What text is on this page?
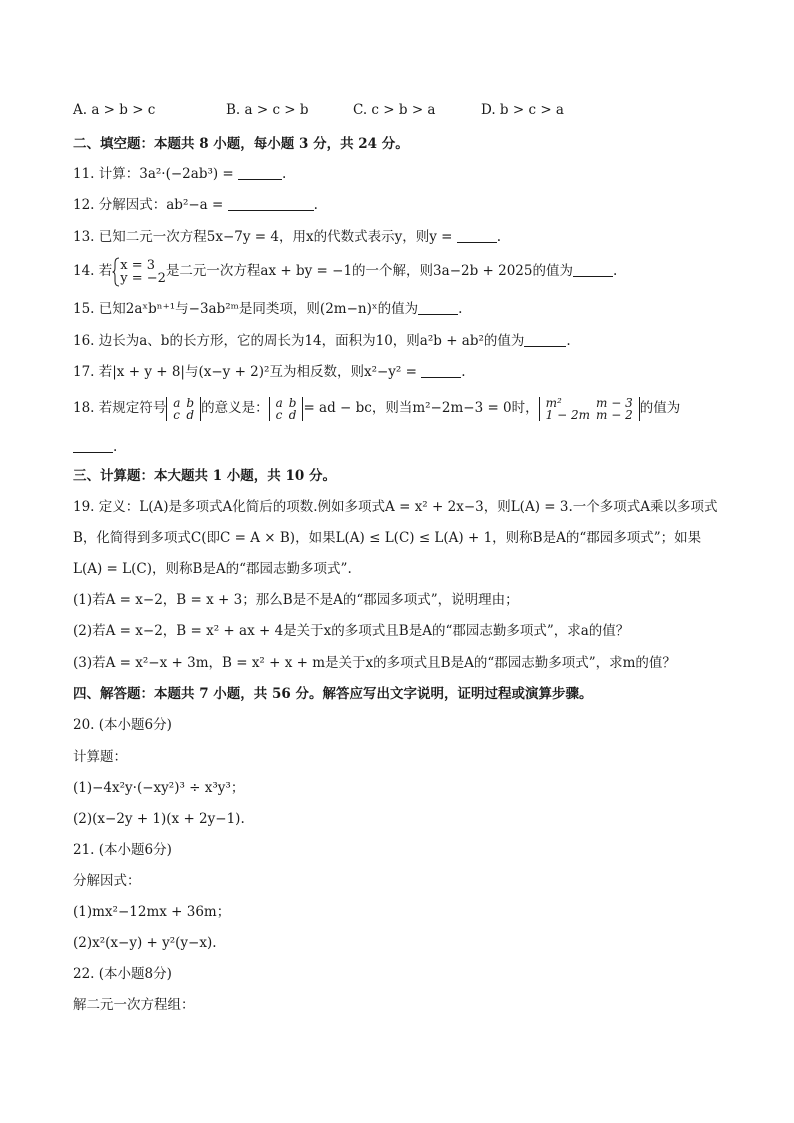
A. a > b > c	B. a > c > b	C. c > b > a	D. b > c > a
二、填空题：本题共 8 小题，每小题 3 分，共 24 分。
11. 计算：3a²·(−2ab³) =	.
12. 分解因式：ab²−a =	.
13. 已知二元一次方程5x−7y = 4，用x的代数式表示y，则y =	.
14. 若 x = 3
y = −2 是二元一次方程ax + by = −1的一个解，则3a−2b + 2025的值为	.
15. 已知2aˣbⁿ⁺¹与−3ab²ᵐ是同类项，则(2m−n)ˣ的值为	.
16. 边长为a、b的长方形，它的周长为14，面积为10，则a²b + ab²的值为	.
17. 若|x + y + 8|与(x−y + 2)²互为相反数，则x²−y² =	.
18. 若规定符号 a	b
c	d 的意义是： a	b
c	d = ad − bc，则当m²−2m−3 = 0时， m²	m − 3
1 − 2m	m − 2 的值为
.
三、计算题：本大题共 1 小题，共 10 分。
19. 定义：L(A)是多项式A化简后的项数.例如多项式A = x² + 2x−3，则L(A) = 3.一个多项式A乘以多项式
B，化简得到多项式C(即C = A × B)，如果L(A) ≤ L(C) ≤ L(A) + 1，则称B是A的“郡园多项式”；如果
L(A) = L(C)，则称B是A的“郡园志勤多项式”.
(1)若A = x−2，B = x + 3；那么B是不是A的“郡园多项式”，说明理由；
(2)若A = x−2，B = x² + ax + 4是关于x的多项式且B是A的“郡园志勤多项式”，求a的值？
(3)若A = x²−x + 3m，B = x² + x + m是关于x的多项式且B是A的“郡园志勤多项式”，求m的值？
四、解答题：本题共 7 小题，共 56 分。解答应写出文字说明，证明过程或演算步骤。
20. (本小题6分)
计算题：
(1)−4x²y·(−xy²)³ ÷ x³y³；
(2)(x−2y + 1)(x + 2y−1).
21. (本小题6分)
分解因式：
(1)mx²−12mx + 36m；
(2)x²(x−y) + y²(y−x).
22. (本小题8分)
解二元一次方程组：
